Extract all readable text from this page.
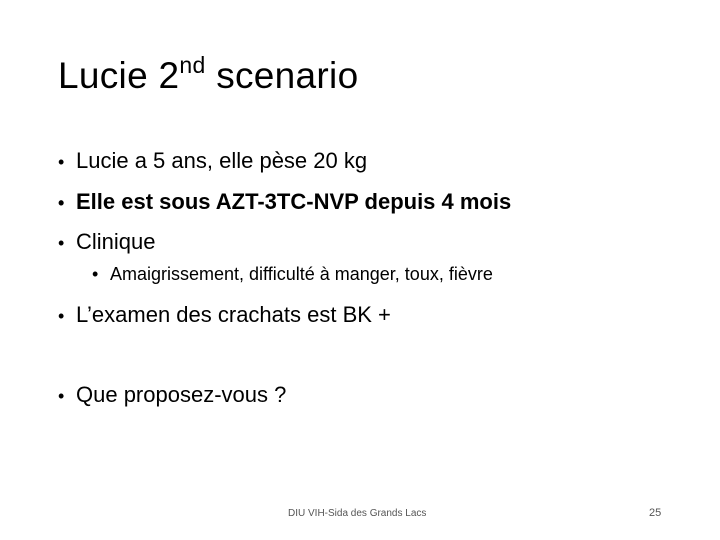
Lucie 2nd scenario
• Lucie a 5 ans, elle pèse 20 kg
• Elle est sous AZT-3TC-NVP depuis 4 mois
• Clinique
• Amaigrissement, difficulté à manger, toux, fièvre
• L’examen des crachats est BK +
• Que proposez-vous ?
DIU VIH-Sida des Grands Lacs	25
